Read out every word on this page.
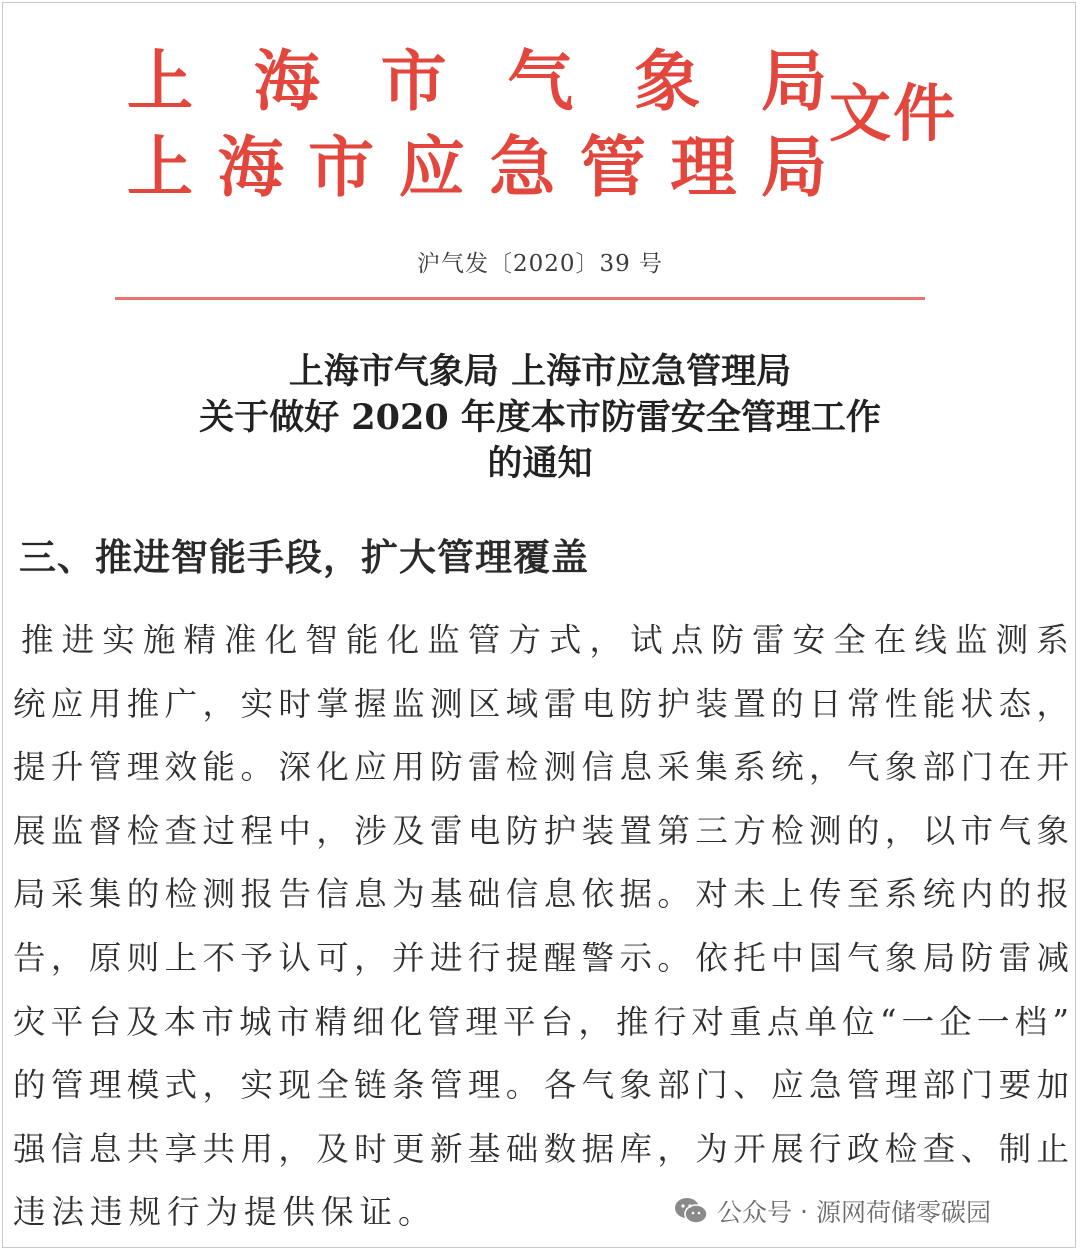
上 海 市 气 象 局
上 海 市 应 急 管 理 局
文件
沪气发〔2020〕39 号
上海市气象局 上海市应急管理局
关于做好 2020 年度本市防雷安全管理工作
的通知
三、推进智能手段，扩大管理覆盖
推 进 实 施 精 准 化 智 能 化 监 管 方 式 ， 试 点 防 雷 安 全 在 线 监 测 系
统 应 用 推 广 ， 实 时 掌 握 监 测 区 域 雷 电 防 护 装 置 的 日 常 性 能 状 态 ，
提 升 管 理 效 能 。 深 化 应 用 防 雷 检 测 信 息 采 集 系 统 ， 气 象 部 门 在 开
展 监 督 检 查 过 程 中 ， 涉 及 雷 电 防 护 装 置 第 三 方 检 测 的 ， 以 市 气 象
局 采 集 的 检 测 报 告 信 息 为 基 础 信 息 依 据 。 对 未 上 传 至 系 统 内 的 报
告 ， 原 则 上 不 予 认 可 ， 并 进 行 提 醒 警 示 。 依 托 中 国 气 象 局 防 雷 减
灾 平 台 及 本 市 城 市 精 细 化 管 理 平 台 ， 推 行 对 重 点 单 位 “ 一 企 一 档 ”
的 管 理 模 式 ， 实 现 全 链 条 管 理 。 各 气 象 部 门 、 应 急 管 理 部 门 要 加
强 信 息 共 享 共 用 ， 及 时 更 新 基 础 数 据 库 ， 为 开 展 行 政 检 查 、 制 止
违法违规行为提供保证。	公众号 · 源网荷储零碳园
